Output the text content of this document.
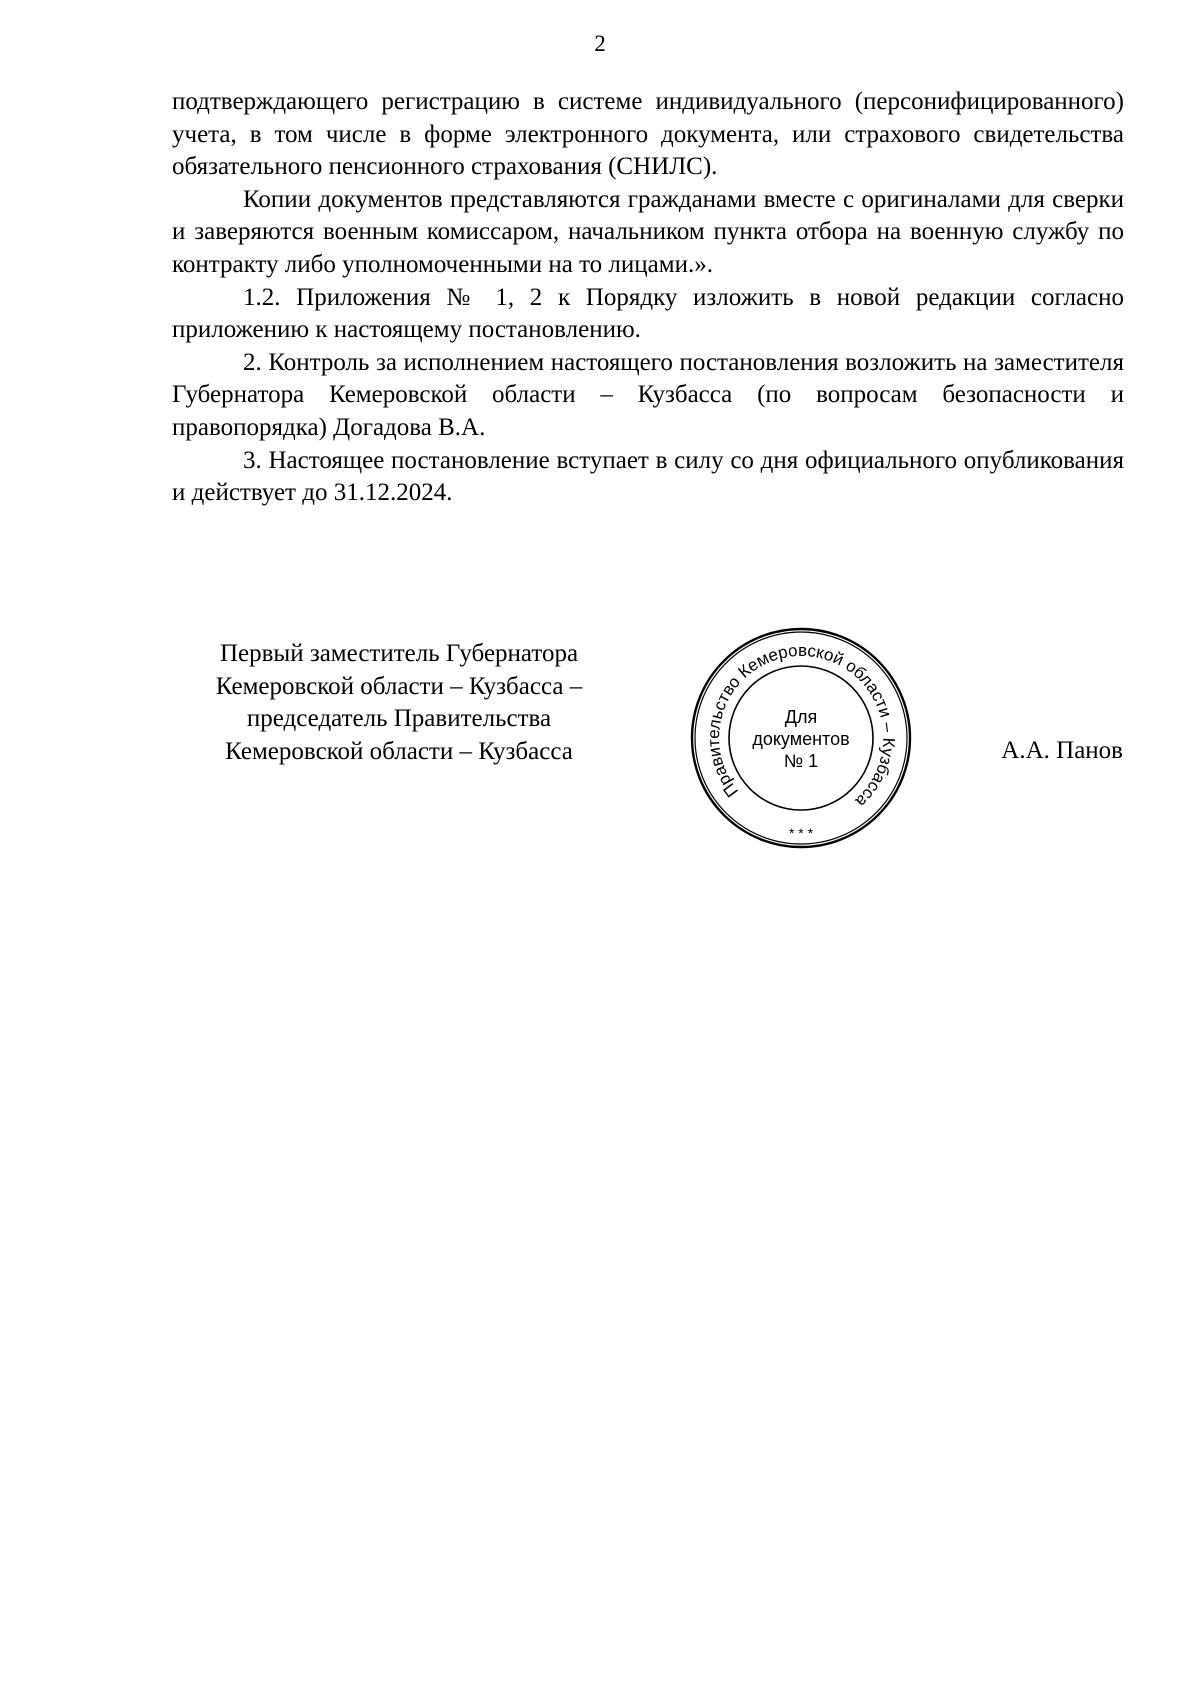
2

подтверждающего регистрацию в системе индивидуального (персонифицированного) учета, в том числе в форме электронного документа, или страхового свидетельства обязательного пенсионного страхования (СНИЛС).

Копии документов представляются гражданами вместе с оригиналами для сверки и заверяются военным комиссаром, начальником пункта отбора на военную службу по контракту либо уполномоченными на то лицами.».

1.2. Приложения № 1, 2 к Порядку изложить в новой редакции согласно приложению к настоящему постановлению.

2. Контроль за исполнением настоящего постановления возложить на заместителя Губернатора Кемеровской области – Кузбасса (по вопросам безопасности и правопорядка) Догадова В.А.

3. Настоящее постановление вступает в силу со дня официального опубликования и действует до 31.12.2024.

Первый заместитель Губернатора
Кемеровской области – Кузбасса –
председатель Правительства
Кемеровской области – Кузбасса
Правительство Кемеровской области – Кузбасса
* * *
Для
документов
№ 1	А.А. Панов
